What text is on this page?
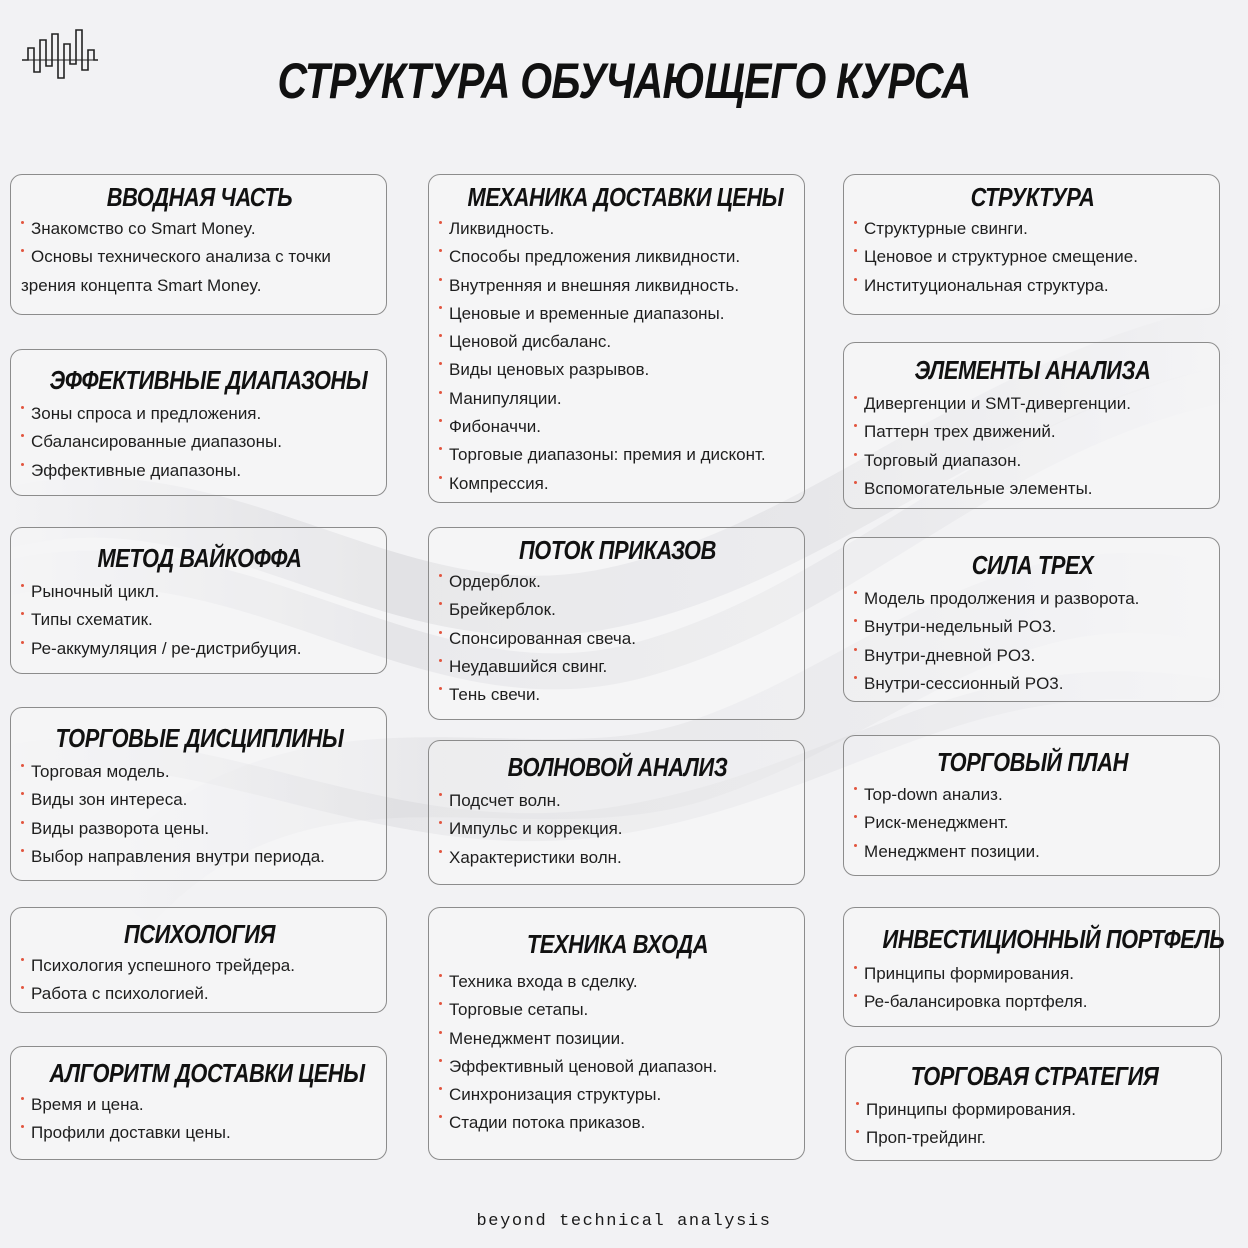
СТРУКТУРА ОБУЧАЮЩЕГО КУРСА
ВВОДНАЯ ЧАСТЬ
Знакомство со Smart Money.
Основы технического анализа с точки зрения концепта Smart Money.
ЭФФЕКТИВНЫЕ ДИАПАЗОНЫ
Зоны спроса и предложения.
Сбалансированные диапазоны.
Эффективные диапазоны.
МЕТОД ВАЙКОФФА
Рыночный цикл.
Типы схематик.
Ре-аккумуляция / ре-дистрибуция.
ТОРГОВЫЕ ДИСЦИПЛИНЫ
Торговая модель.
Виды зон интереса.
Виды разворота цены.
Выбор направления внутри периода.
ПСИХОЛОГИЯ
Психология успешного трейдера.
Работа с психологией.
АЛГОРИТМ ДОСТАВКИ ЦЕНЫ
Время и цена.
Профили доставки цены.
МЕХАНИКА ДОСТАВКИ ЦЕНЫ
Ликвидность.
Способы предложения ликвидности.
Внутренняя и внешняя ликвидность.
Ценовые и временные диапазоны.
Ценовой дисбаланс.
Виды ценовых разрывов.
Манипуляции.
Фибоначчи.
Торговые диапазоны: премия и дисконт.
Компрессия.
ПОТОК ПРИКАЗОВ
Ордерблок.
Брейкерблок.
Спонсированная свеча.
Неудавшийся свинг.
Тень свечи.
ВОЛНОВОЙ АНАЛИЗ
Подсчет волн.
Импульс и коррекция.
Характеристики волн.
ТЕХНИКА ВХОДА
Техника входа в сделку.
Торговые сетапы.
Менеджмент позиции.
Эффективный ценовой диапазон.
Синхронизация структуры.
Стадии потока приказов.
СТРУКТУРА
Структурные свинги.
Ценовое и структурное смещение.
Институциональная структура.
ЭЛЕМЕНТЫ АНАЛИЗА
Дивергенции и SMT-дивергенции.
Паттерн трех движений.
Торговый диапазон.
Вспомогательные элементы.
СИЛА ТРЕХ
Модель продолжения и разворота.
Внутри-недельный PO3.
Внутри-дневной PO3.
Внутри-сессионный PO3.
ТОРГОВЫЙ ПЛАН
Top-down анализ.
Риск-менеджмент.
Менеджмент позиции.
ИНВЕСТИЦИОННЫЙ ПОРТФЕЛЬ
Принципы формирования.
Ре-балансировка портфеля.
ТОРГОВАЯ СТРАТЕГИЯ
Принципы формирования.
Проп-трейдинг.
beyond technical analysis
